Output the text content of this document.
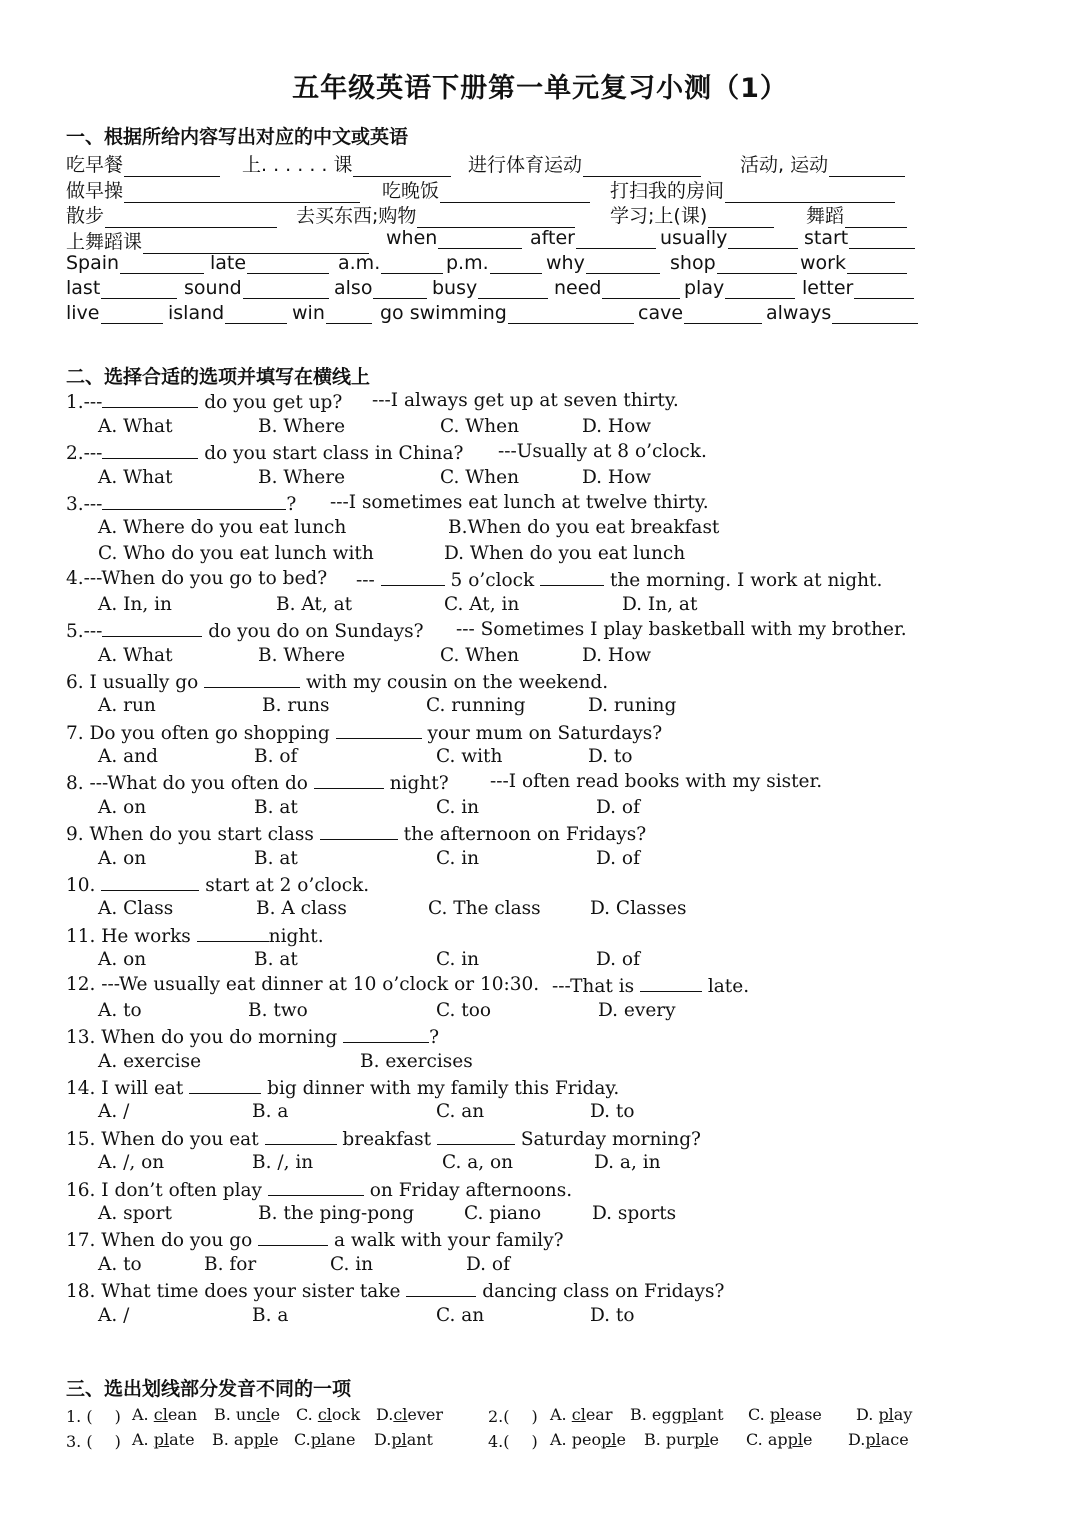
五年级英语下册第一单元复习小测（1）
一、根据所给内容写出对应的中文或英语
吃早餐	上. . . . . . 课	进行体育运动	活动, 运动
做早操	吃晚饭	打扫我的房间
散步	去买东西;购物	学习;上(课)	舞蹈
上舞蹈课	when	after	usually	start
Spain	late	a.m.	p.m.	why	shop	work
last	sound	also	busy	need	play	letter
live	island	win	go swimming	cave	always
二、选择合适的选项并填写在横线上
1.---	do you get up? ---I always get up at seven thirty.
A. What	B. Where	C. When	D. How
2.---	do you start class in China? ---Usually at 8 o’clock.
A. What	B. Where	C. When	D. How
3.---	? ---I sometimes eat lunch at twelve thirty.
A. Where do you eat lunch	B.When do you eat breakfast
C. Who do you eat lunch with	D. When do you eat lunch
4.---When do you go to bed? ---	5 o’clock	the morning. I work at night.
A. In, in	B. At, at	C. At, in	D. In, at
5.---	do you do on Sundays? --- Sometimes I play basketball with my brother.
A. What	B. Where	C. When	D. How
6. I usually go	with my cousin on the weekend.
A. run	B. runs	C. running	D. runing
7. Do you often go shopping	your mum on Saturdays?
A. and	B. of	C. with	D. to
8. ---What do you often do	night? ---I often read books with my sister.
A. on	B. at	C. in	D. of
9. When do you start class	the afternoon on Fridays?
A. on	B. at	C. in	D. of
10.	start at 2 o’clock.
A. Class	B. A class	C. The class	D. Classes
11. He works	night.
A. on	B. at	C. in	D. of
12. ---We usually eat dinner at 10 o’clock or 10:30. ---That is	late.
A. to	B. two	C. too	D. every
13. When do you do morning	?
A. exercise	B. exercises
14. I will eat	big dinner with my family this Friday.
A. /	B. a	C. an	D. to
15. When do you eat	breakfast	Saturday morning?
A. /, on	B. /, in	C. a, on	D. a, in
16. I don’t often play	on Friday afternoons.
A. sport	B. the ping-pong	C. piano	D. sports
17. When do you go	a walk with your family?
A. to	B. for	C. in	D. of
18. What time does your sister take	dancing class on Fridays?
A. /	B. a	C. an	D. to
三、选出划线部分发音不同的一项
1. ( ) A. clean B. uncle C. clock D.clever	2.( ) A. clear B. eggplant C. please D. play
3. ( ) A. plate B. apple C.plane D.plant	4.( ) A. people B. purple C. apple D.place
